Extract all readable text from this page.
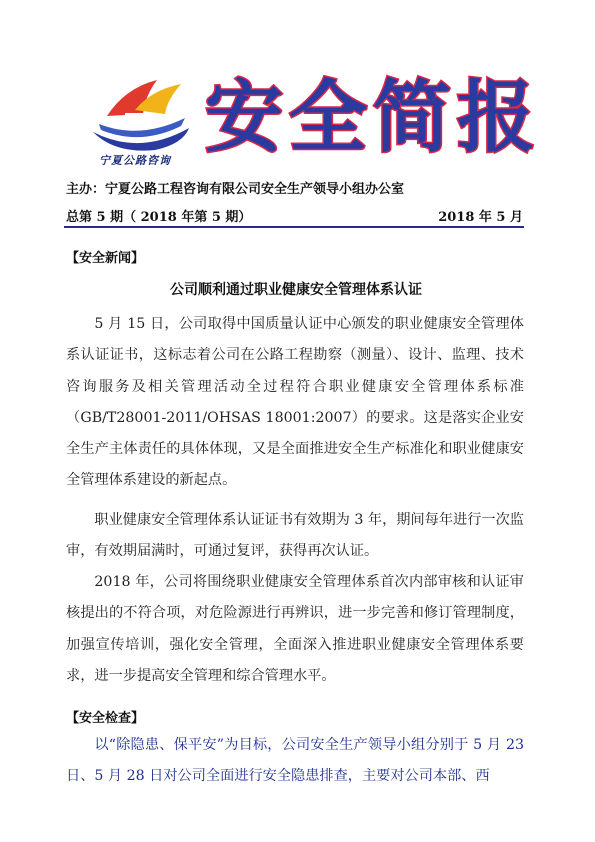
宁夏公路咨询 安全简报
主办：宁夏公路工程咨询有限公司安全生产领导小组办公室
总第 5 期（ 2018 年第 5 期）	2018 年 5 月
【安全新闻】
公司顺利通过职业健康安全管理体系认证

5 月 15 日，公司取得中国质量认证中心颁发的职业健康安全管理体系认证证书，这标志着公司在公路工程勘察（测量）、设计、监理、技术咨询服务及相关管理活动全过程符合职业健康安全管理体系标准（GB/T28001-2011/OHSAS 18001:2007）的要求。这是落实企业安全生产主体责任的具体体现，又是全面推进安全生产标准化和职业健康安全管理体系建设的新起点。

职业健康安全管理体系认证证书有效期为 3 年，期间每年进行一次监审，有效期届满时，可通过复评，获得再次认证。

2018 年，公司将围绕职业健康安全管理体系首次内部审核和认证审核提出的不符合项，对危险源进行再辨识，进一步完善和修订管理制度，加强宣传培训，强化安全管理，全面深入推进职业健康安全管理体系要求，进一步提高安全管理和综合管理水平。

【安全检查】

以“除隐患、保平安”为目标，公司安全生产领导小组分别于 5 月 23 日、5 月 28 日对公司全面进行安全隐患排查，主要对公司本部、西
